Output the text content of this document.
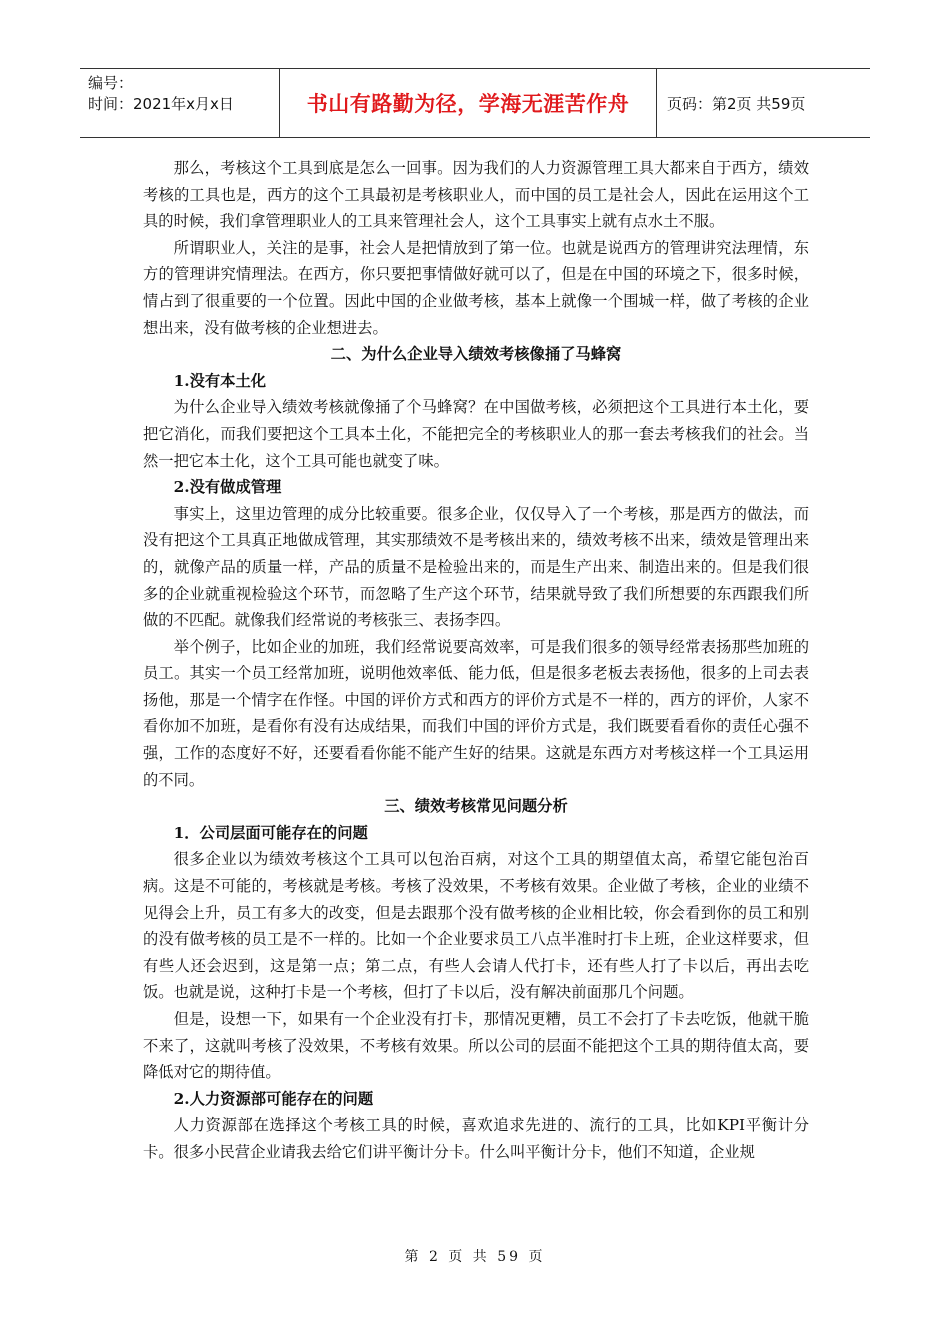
编号：
时间：2021年x月x日	书山有路勤为径，学海无涯苦作舟	页码：第2页 共59页

那么，考核这个工具到底是怎么一回事。因为我们的人力资源管理工具大都来自于西方，绩效考核的工具也是，西方的这个工具最初是考核职业人，而中国的员工是社会人，因此在运用这个工具的时候，我们拿管理职业人的工具来管理社会人，这个工具事实上就有点水土不服。

所谓职业人，关注的是事，社会人是把情放到了第一位。也就是说西方的管理讲究法理情，东方的管理讲究情理法。在西方，你只要把事情做好就可以了，但是在中国的环境之下，很多时候，情占到了很重要的一个位置。因此中国的企业做考核，基本上就像一个围城一样，做了考核的企业想出来，没有做考核的企业想进去。

二、为什么企业导入绩效考核像捅了马蜂窝
1.没有本土化

为什么企业导入绩效考核就像捅了个马蜂窝？在中国做考核，必须把这个工具进行本土化，要把它消化，而我们要把这个工具本土化，不能把完全的考核职业人的那一套去考核我们的社会。当然一把它本土化，这个工具可能也就变了味。

2.没有做成管理

事实上，这里边管理的成分比较重要。很多企业，仅仅导入了一个考核，那是西方的做法，而没有把这个工具真正地做成管理，其实那绩效不是考核出来的，绩效考核不出来，绩效是管理出来的，就像产品的质量一样，产品的质量不是检验出来的，而是生产出来、制造出来的。但是我们很多的企业就重视检验这个环节，而忽略了生产这个环节，结果就导致了我们所想要的东西跟我们所做的不匹配。就像我们经常说的考核张三、表扬李四。

举个例子，比如企业的加班，我们经常说要高效率，可是我们很多的领导经常表扬那些加班的员工。其实一个员工经常加班，说明他效率低、能力低，但是很多老板去表扬他，很多的上司去表扬他，那是一个情字在作怪。中国的评价方式和西方的评价方式是不一样的，西方的评价，人家不看你加不加班，是看你有没有达成结果，而我们中国的评价方式是，我们既要看看你的责任心强不强，工作的态度好不好，还要看看你能不能产生好的结果。这就是东西方对考核这样一个工具运用的不同。

三、绩效考核常见问题分析
1．公司层面可能存在的问题

很多企业以为绩效考核这个工具可以包治百病，对这个工具的期望值太高，希望它能包治百病。这是不可能的，考核就是考核。考核了没效果，不考核有效果。企业做了考核，企业的业绩不见得会上升，员工有多大的改变，但是去跟那个没有做考核的企业相比较，你会看到你的员工和别的没有做考核的员工是不一样的。比如一个企业要求员工八点半准时打卡上班，企业这样要求，但有些人还会迟到，这是第一点；第二点，有些人会请人代打卡，还有些人打了卡以后，再出去吃饭。也就是说，这种打卡是一个考核，但打了卡以后，没有解决前面那几个问题。

但是，设想一下，如果有一个企业没有打卡，那情况更糟，员工不会打了卡去吃饭，他就干脆不来了，这就叫考核了没效果，不考核有效果。所以公司的层面不能把这个工具的期待值太高，要降低对它的期待值。

2.人力资源部可能存在的问题

人力资源部在选择这个考核工具的时候，喜欢追求先进的、流行的工具，比如KPI平衡计分卡。很多小民营企业请我去给它们讲平衡计分卡。什么叫平衡计分卡，他们不知道，企业规

第 2 页 共 59 页
